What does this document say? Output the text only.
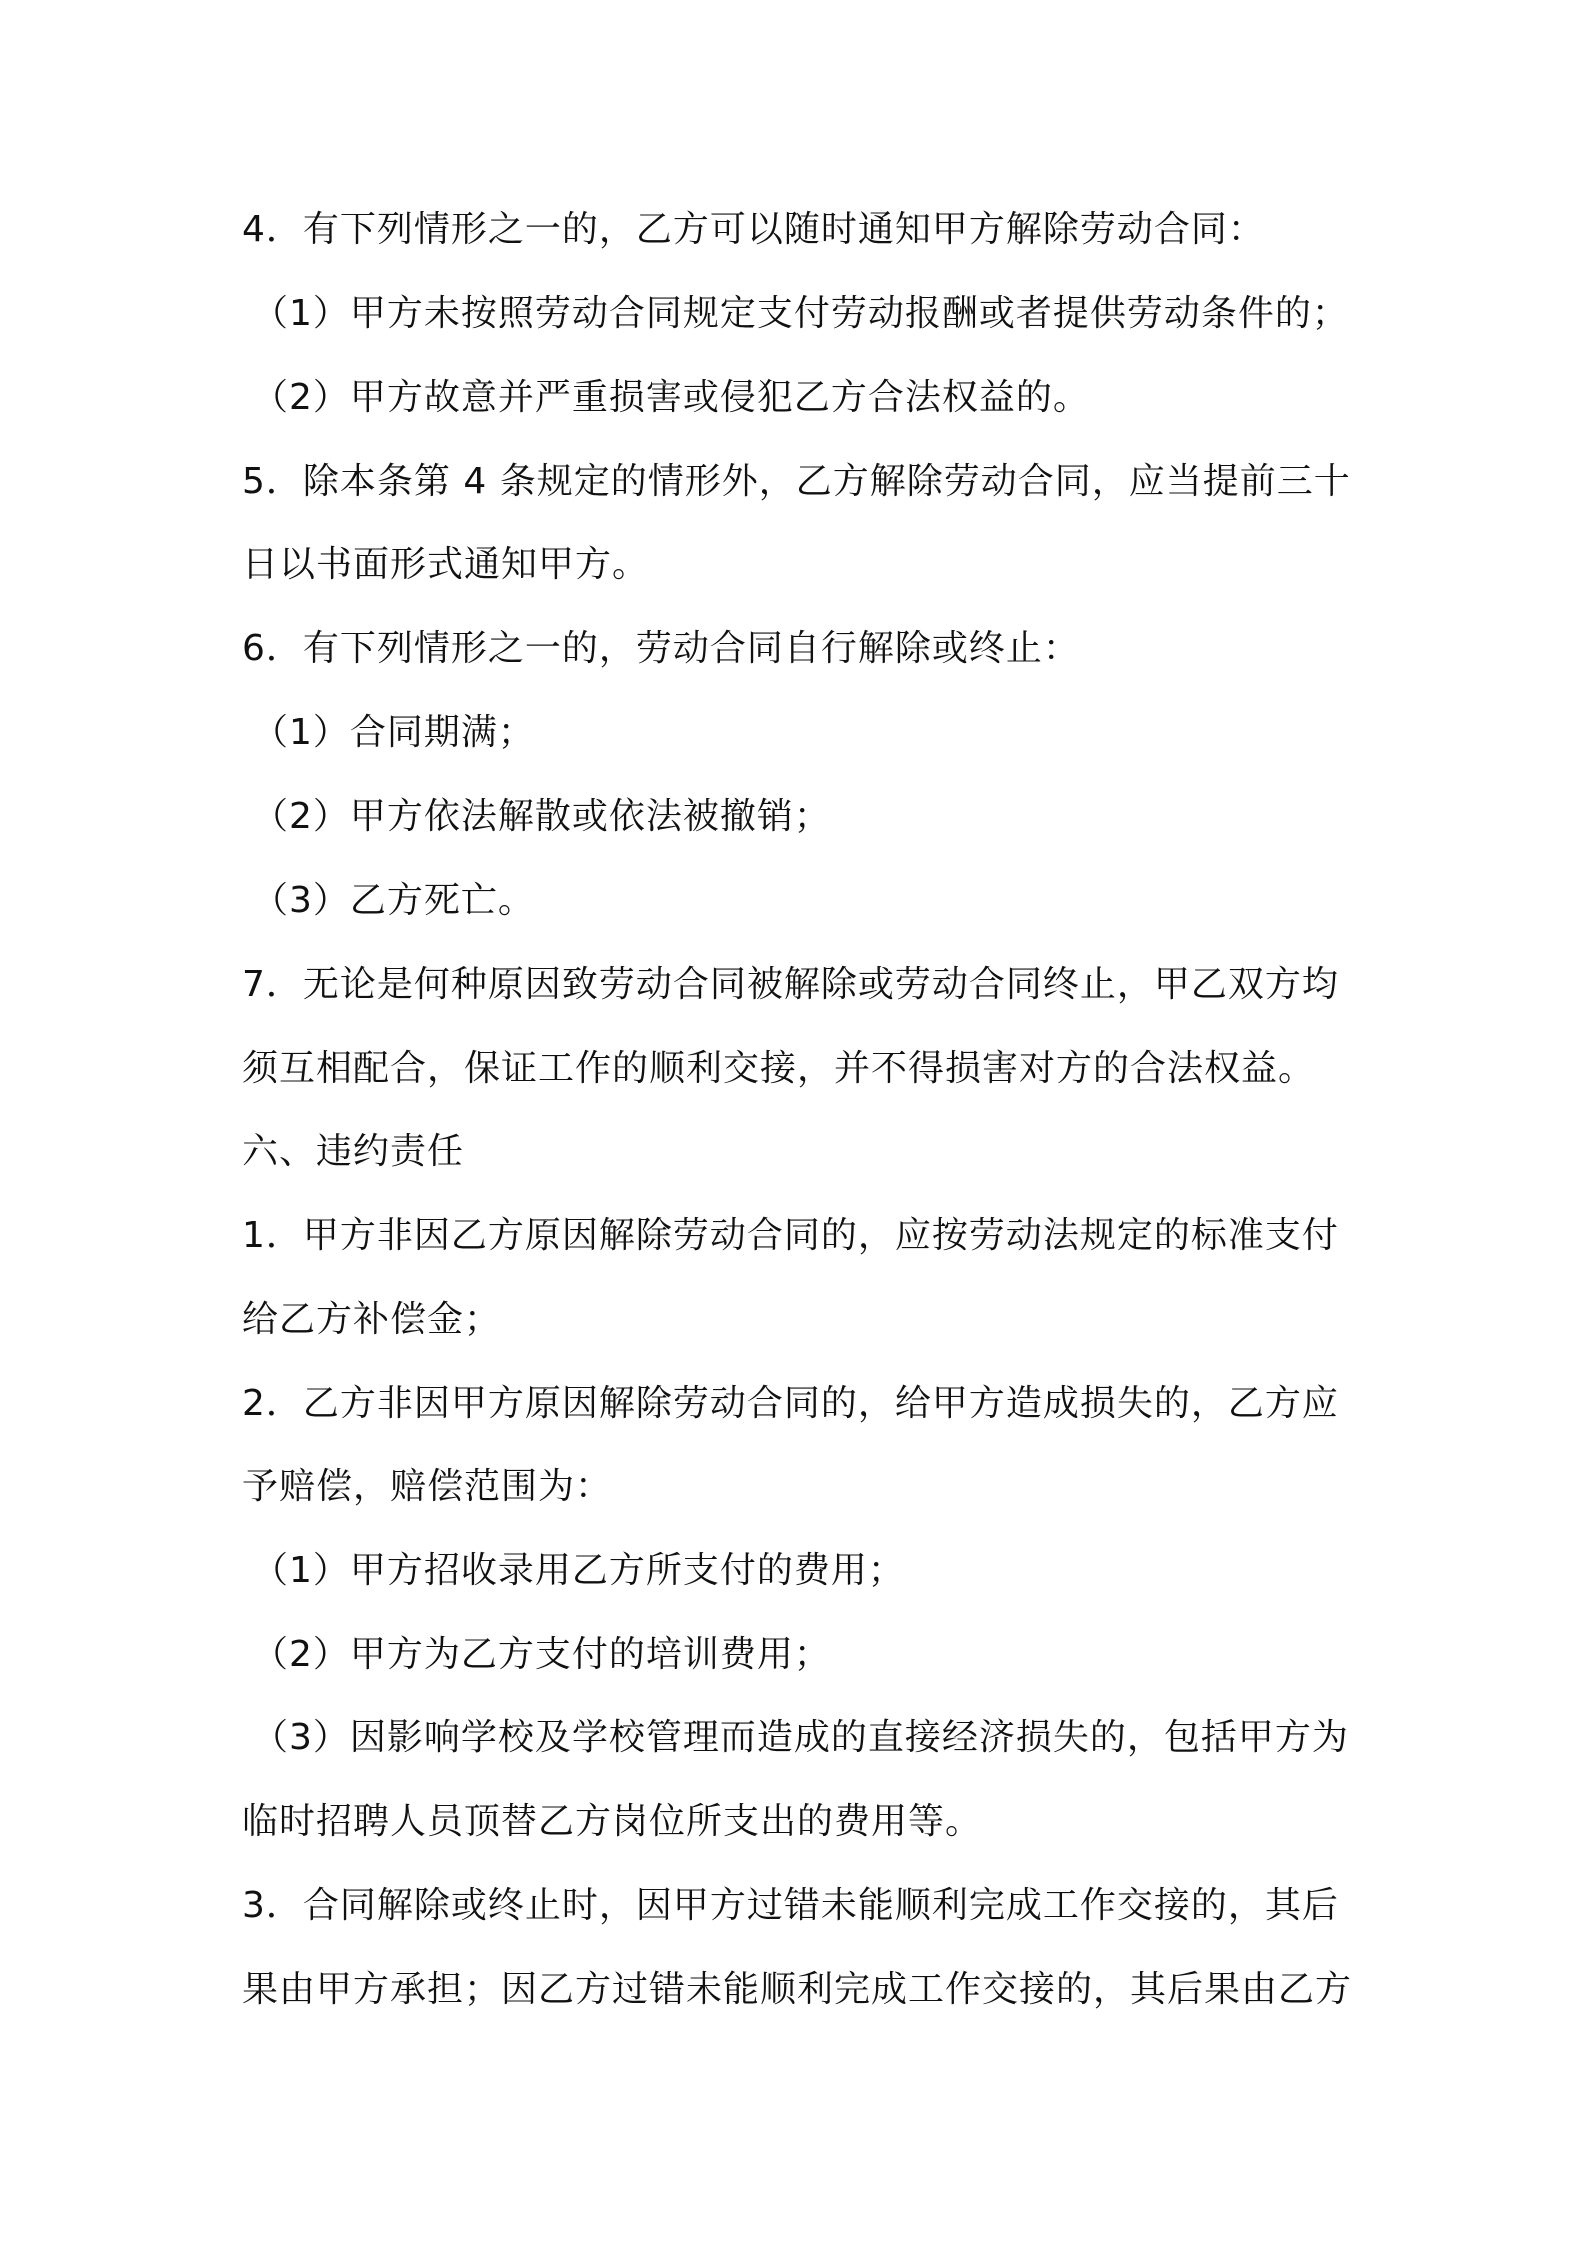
4．有下列情形之一的，乙方可以随时通知甲方解除劳动合同：
（1）甲方未按照劳动合同规定支付劳动报酬或者提供劳动条件的；
（2）甲方故意并严重损害或侵犯乙方合法权益的。
5．除本条第 4 条规定的情形外，乙方解除劳动合同，应当提前三十
日以书面形式通知甲方。
6．有下列情形之一的，劳动合同自行解除或终止：
（1）合同期满；
（2）甲方依法解散或依法被撤销；
（3）乙方死亡。
7．无论是何种原因致劳动合同被解除或劳动合同终止，甲乙双方均
须互相配合，保证工作的顺利交接，并不得损害对方的合法权益。
六、违约责任
1．甲方非因乙方原因解除劳动合同的，应按劳动法规定的标准支付
给乙方补偿金；
2．乙方非因甲方原因解除劳动合同的，给甲方造成损失的，乙方应
予赔偿，赔偿范围为：
（1）甲方招收录用乙方所支付的费用；
（2）甲方为乙方支付的培训费用；
（3）因影响学校及学校管理而造成的直接经济损失的，包括甲方为
临时招聘人员顶替乙方岗位所支出的费用等。
3．合同解除或终止时，因甲方过错未能顺利完成工作交接的，其后
果由甲方承担；因乙方过错未能顺利完成工作交接的，其后果由乙方
